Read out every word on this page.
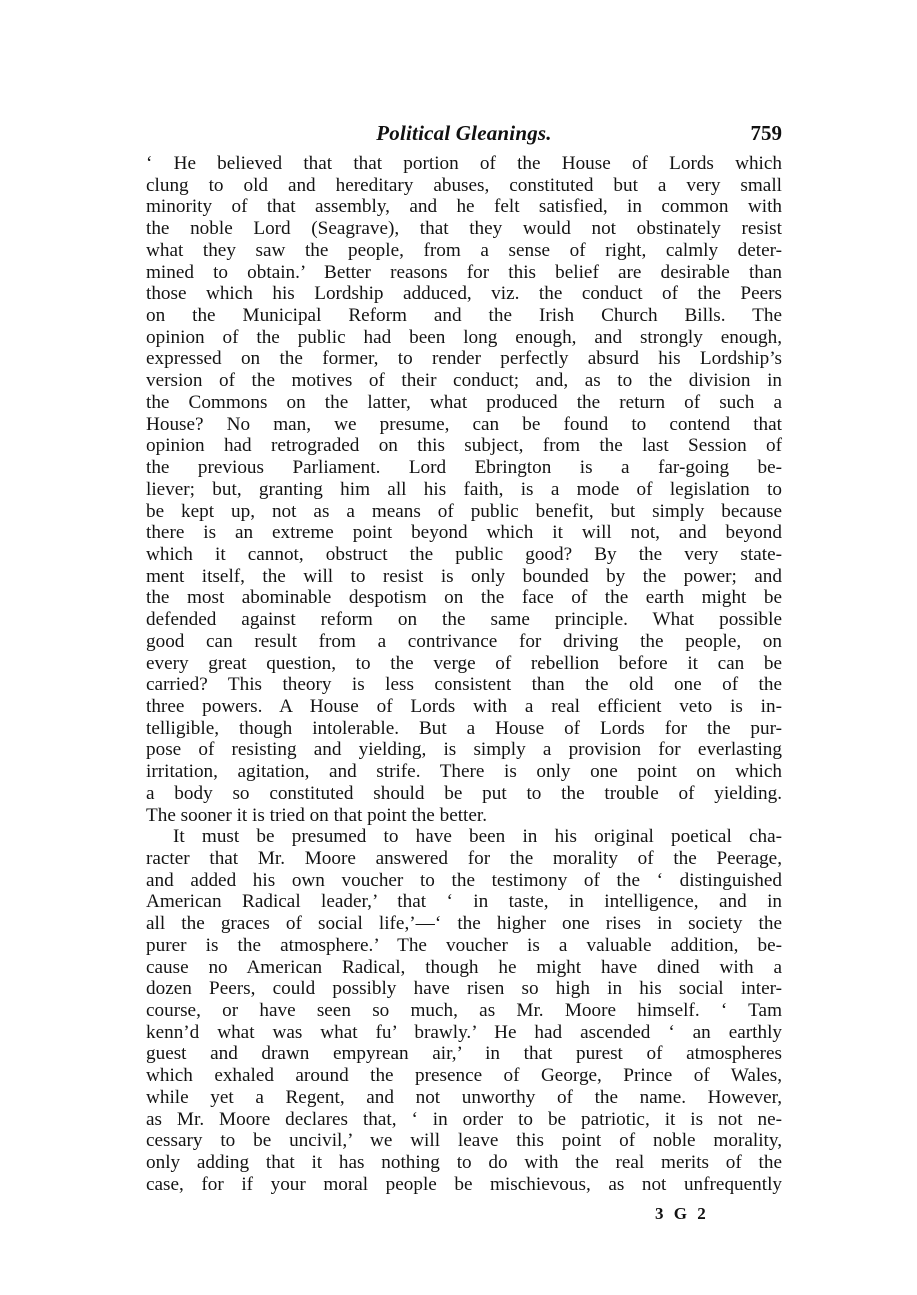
Political Gleanings.	759
‘ He believed that that portion of the House of Lords which
clung to old and hereditary abuses, constituted but a very small
minority of that assembly, and he felt satisfied, in common with
the noble Lord (Seagrave), that they would not obstinately resist
what they saw the people, from a sense of right, calmly deter-
mined to obtain.’ Better reasons for this belief are desirable than
those which his Lordship adduced, viz. the conduct of the Peers
on the Municipal Reform and the Irish Church Bills. The
opinion of the public had been long enough, and strongly enough,
expressed on the former, to render perfectly absurd his Lordship’s
version of the motives of their conduct; and, as to the division in
the Commons on the latter, what produced the return of such a
House? No man, we presume, can be found to contend that
opinion had retrograded on this subject, from the last Session of
the previous Parliament. Lord Ebrington is a far-going be-
liever; but, granting him all his faith, is a mode of legislation to
be kept up, not as a means of public benefit, but simply because
there is an extreme point beyond which it will not, and beyond
which it cannot, obstruct the public good? By the very state-
ment itself, the will to resist is only bounded by the power; and
the most abominable despotism on the face of the earth might be
defended against reform on the same principle. What possible
good can result from a contrivance for driving the people, on
every great question, to the verge of rebellion before it can be
carried? This theory is less consistent than the old one of the
three powers. A House of Lords with a real efficient veto is in-
telligible, though intolerable. But a House of Lords for the pur-
pose of resisting and yielding, is simply a provision for everlasting
irritation, agitation, and strife. There is only one point on which
a body so constituted should be put to the trouble of yielding.
The sooner it is tried on that point the better.
It must be presumed to have been in his original poetical cha-
racter that Mr. Moore answered for the morality of the Peerage,
and added his own voucher to the testimony of the ‘ distinguished
American Radical leader,’ that ‘ in taste, in intelligence, and in
all the graces of social life,’—‘ the higher one rises in society the
purer is the atmosphere.’ The voucher is a valuable addition, be-
cause no American Radical, though he might have dined with a
dozen Peers, could possibly have risen so high in his social inter-
course, or have seen so much, as Mr. Moore himself. ‘ Tam
kenn’d what was what fu’ brawly.’ He had ascended ‘ an earthly
guest and drawn empyrean air,’ in that purest of atmospheres
which exhaled around the presence of George, Prince of Wales,
while yet a Regent, and not unworthy of the name. However,
as Mr. Moore declares that, ‘ in order to be patriotic, it is not ne-
cessary to be uncivil,’ we will leave this point of noble morality,
only adding that it has nothing to do with the real merits of the
case, for if your moral people be mischievous, as not unfrequently
3 G 2
